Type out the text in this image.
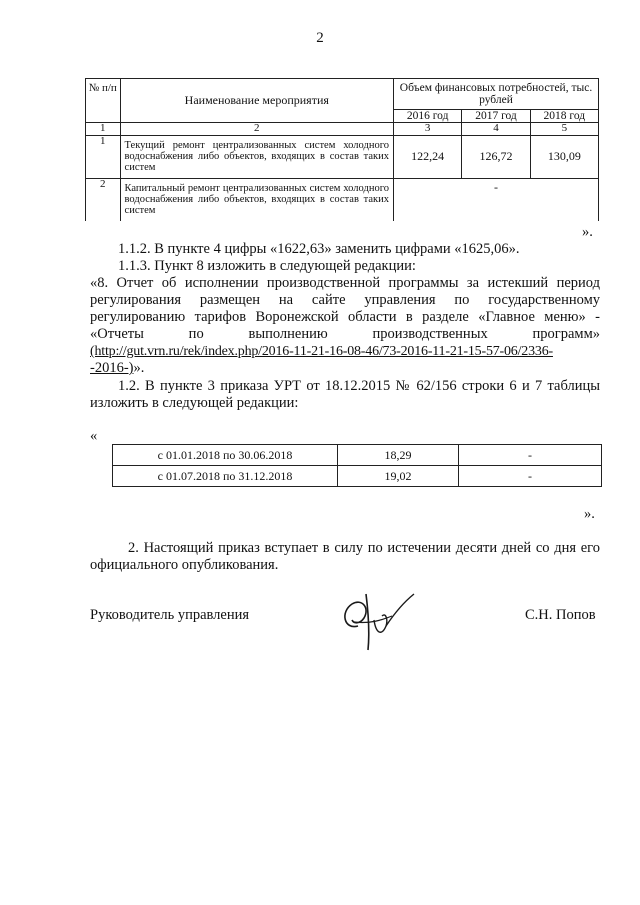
2
№ п/п	Наименование мероприятия	Объем финансовых потребностей, тыс. рублей		
		2016 год	2017 год	2018 год
1	2	3	4	5
1	Текущий ремонт централизованных систем холодного водоснабжения либо объектов, входящих в состав таких систем	122,24	126,72	130,09
2	Капитальный ремонт централизованных систем холодного водоснабжения либо объектов, входящих в состав таких систем	-		
».
1.1.2. В пункте 4 цифры «1622,63» заменить цифрами «1625,06».
1.1.3. Пункт 8 изложить в следующей редакции:
«8. Отчет об исполнении производственной программы за истекший период
регулирования размещен на сайте управления по государственному
регулированию тарифов Воронежской области в разделе «Главное меню» -
«Отчеты по выполнению производственных программ»
(http://gut.vrn.ru/rek/index.php/2016-11-21-16-08-46/73-2016-11-21-15-57-06/2336-
-2016-)».
1.2. В пункте 3 приказа УРТ от 18.12.2015 № 62/156 строки 6 и 7 таблицы
изложить в следующей редакции:
«
с 01.01.2018 по 30.06.2018	18,29	-
с 01.07.2018 по 31.12.2018	19,02	-
».
2. Настоящий приказ вступает в силу по истечении десяти дней со дня его
официального опубликования.
Руководитель управления	С.Н. Попов
